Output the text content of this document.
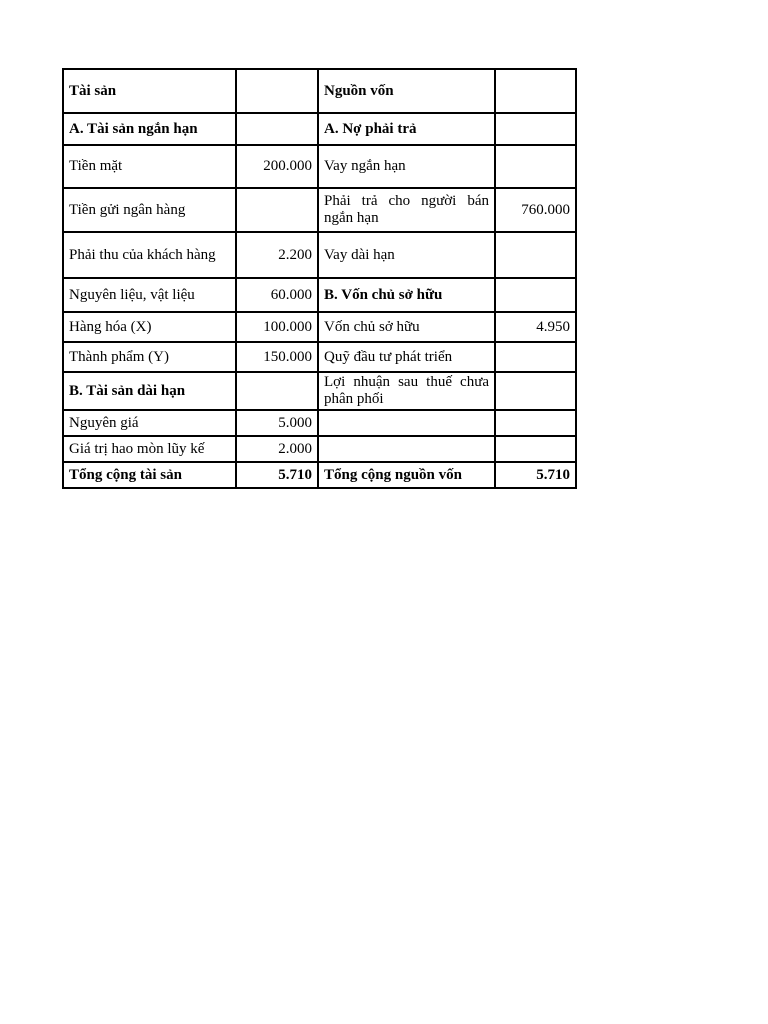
Tài sản		Nguồn vốn	
A. Tài sản ngắn hạn		A. Nợ phải trả	
Tiền mặt	200.000	Vay ngắn hạn	
Tiền gửi ngân hàng		Phải trả cho người bán ngắn hạn	760.000

Phải thu của khách hàng	2.200	Vay dài hạn	
Nguyên liệu, vật liệu	60.000	B. Vốn chủ sở hữu	
Hàng hóa (X)	100.000	Vốn chủ sở hữu	4.950
Thành phẩm (Y)	150.000	Quỹ đầu tư phát triển	
B. Tài sản dài hạn		Lợi nhuận sau thuế chưa phân phối	

Nguyên giá	5.000		
Giá trị hao mòn lũy kế	2.000		
Tổng cộng tài sản	5.710	Tổng cộng nguồn vốn	5.710
